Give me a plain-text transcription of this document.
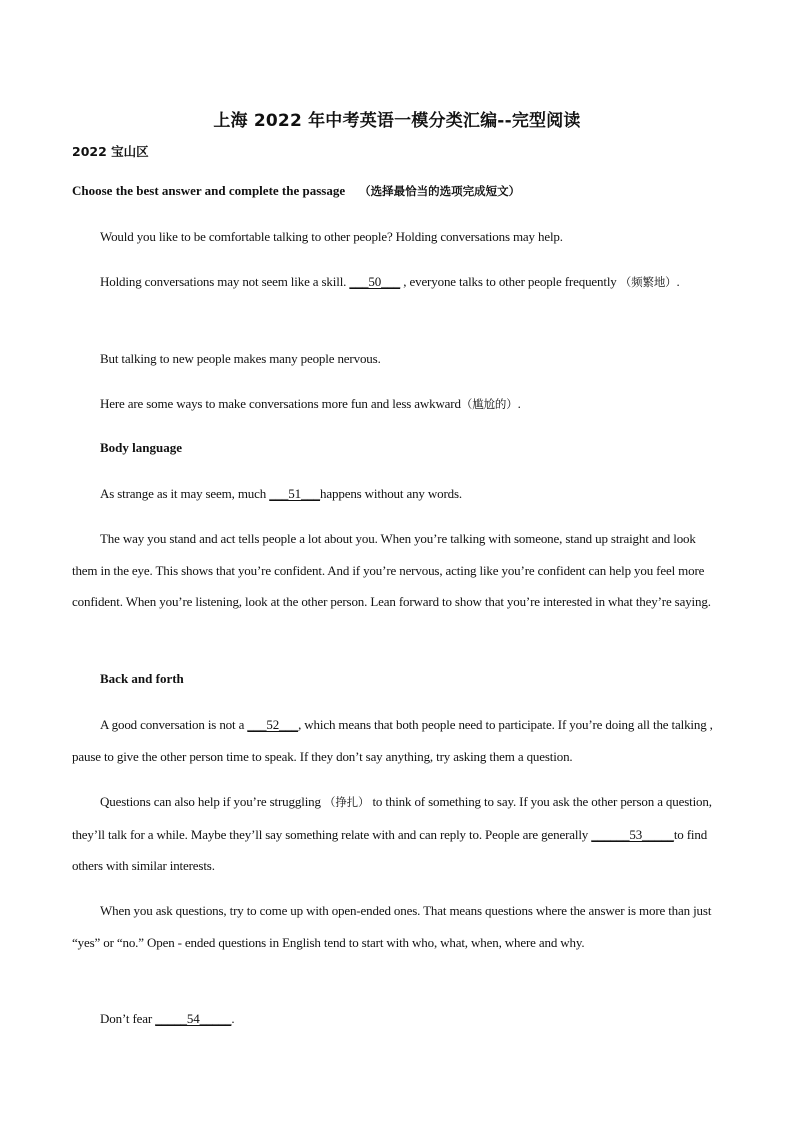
上海 2022 年中考英语一模分类汇编--完型阅读

2022 宝山区

Choose the best answer and complete the passage （选择最恰当的选项完成短文）

Would you like to be comfortable talking to other people? Holding conversations may help.

Holding conversations may not seem like a skill. ___50___ , everyone talks to other people frequently （频繁地）.

But talking to new people makes many people nervous.

Here are some ways to make conversations more fun and less awkward（尴尬的）.

Body language

As strange as it may seem, much ___51___happens without any words.

The way you stand and act tells people a lot about you. When you’re talking with someone, stand up straight and look them in the eye. This shows that you’re confident. And if you’re nervous, acting like you’re confident can help you feel more confident. When you’re listening, look at the other person. Lean forward to show that you’re interested in what they’re saying.

Back and forth

A good conversation is not a ___52___, which means that both people need to participate. If you’re doing all the talking , pause to give the other person time to speak. If they don’t say anything, try asking them a question.

Questions can also help if you’re struggling （挣扎） to think of something to say. If you ask the other person a question, they’ll talk for a while. Maybe they’ll say something relate with and can reply to. People are generally ______53_____to find others with similar interests.

When you ask questions, try to come up with open-ended ones. That means questions where the answer is more than just “yes” or “no.” Open - ended questions in English tend to start with who, what, when, where and why.

Don’t fear _____54_____.
